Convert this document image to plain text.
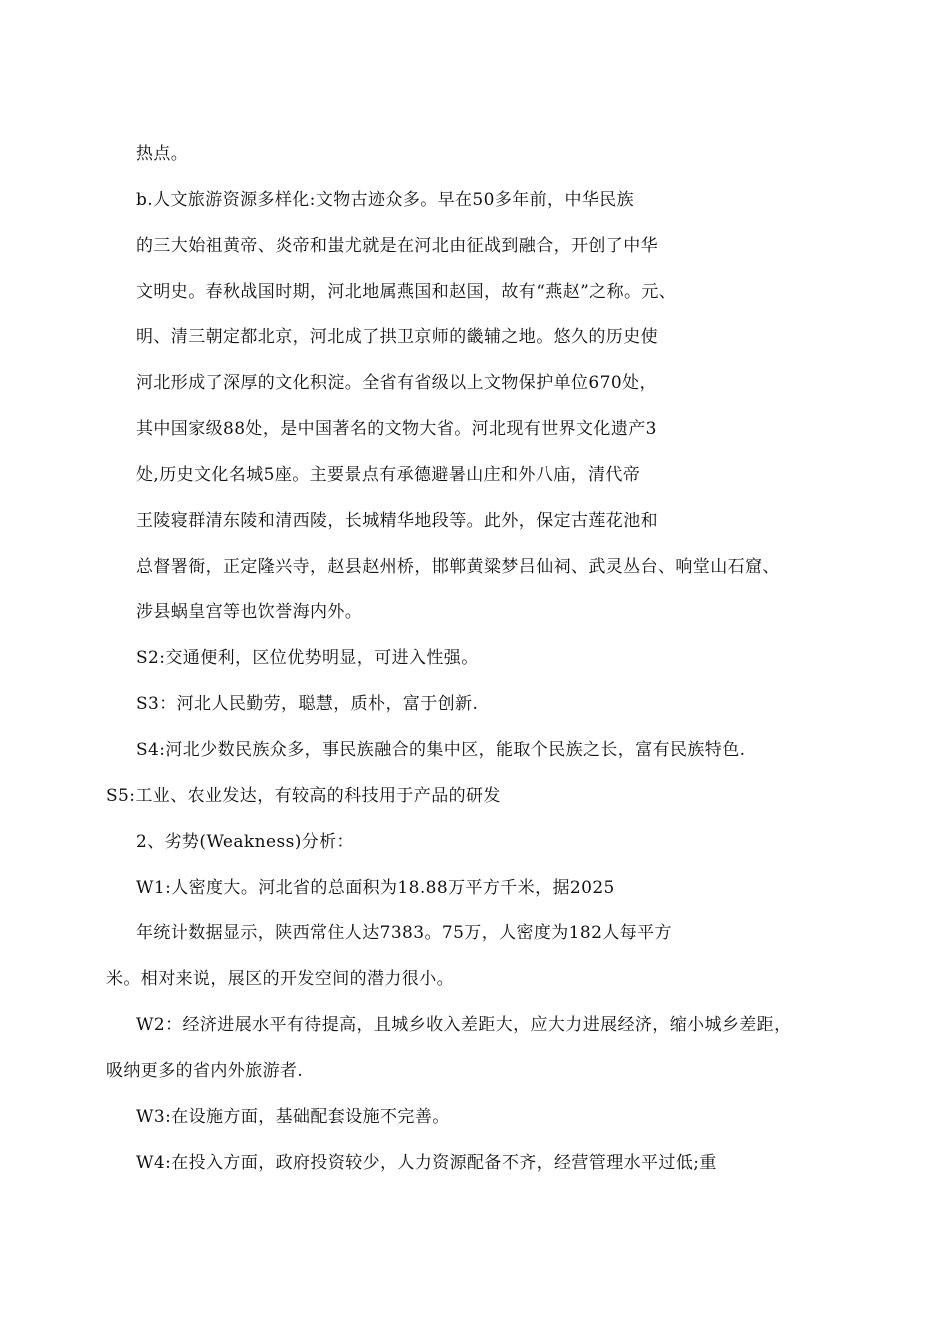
热点。
b.人文旅游资源多样化:文物古迹众多。早在50多年前，中华民族
的三大始祖黄帝、炎帝和蚩尤就是在河北由征战到融合，开创了中华
文明史。春秋战国时期，河北地属燕国和赵国，故有“燕赵”之称。元、
明、清三朝定都北京，河北成了拱卫京师的畿辅之地。悠久的历史使
河北形成了深厚的文化积淀。全省有省级以上文物保护单位670处，
其中国家级88处，是中国著名的文物大省。河北现有世界文化遗产3
处,历史文化名城5座。主要景点有承德避暑山庄和外八庙，清代帝
王陵寝群清东陵和清西陵，长城精华地段等。此外，保定古莲花池和
总督署衙，正定隆兴寺，赵县赵州桥，邯郸黄粱梦吕仙祠、武灵丛台、响堂山石窟、
涉县蜗皇宫等也饮誉海内外。
S2:交通便利，区位优势明显，可进入性强。
S3：河北人民勤劳，聪慧，质朴，富于创新.
S4:河北少数民族众多，事民族融合的集中区，能取个民族之长，富有民族特色.
S5:工业、农业发达，有较高的科技用于产品的研发
2、劣势(Weakness)分析：
W1:人密度大。河北省的总面积为18.88万平方千米，据2025
年统计数据显示，陕西常住人达7383。75万，人密度为182人每平方
米。相对来说，展区的开发空间的潜力很小。
W2：经济进展水平有待提高，且城乡收入差距大，应大力进展经济，缩小城乡差距，
吸纳更多的省内外旅游者.
W3:在设施方面，基础配套设施不完善。
W4:在投入方面，政府投资较少，人力资源配备不齐，经营管理水平过低;重
